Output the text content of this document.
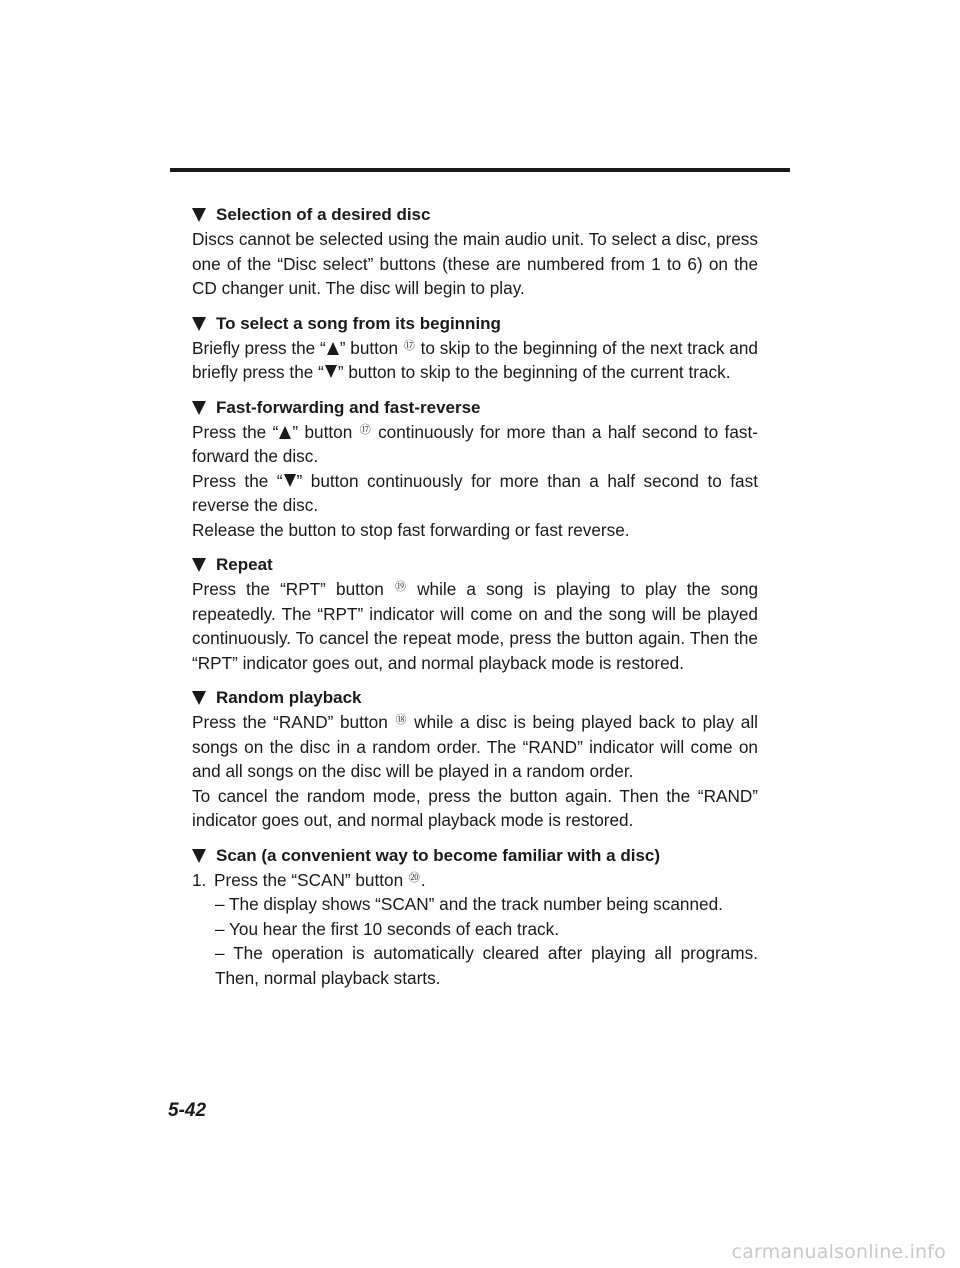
Selection of a desired disc

Discs cannot be selected using the main audio unit. To select a disc, press one of the “Disc select” buttons (these are numbered from 1 to 6) on the CD changer unit. The disc will begin to play.

To select a song from its beginning

Briefly press the “ ” button ⑰ to skip to the beginning of the next track and briefly press the “ ” button to skip to the beginning of the current track.

Fast-forwarding and fast-reverse

Press the “ ” button ⑰ continuously for more than a half second to fast-forward the disc.

Press the “ ” button continuously for more than a half second to fast reverse the disc.

Release the button to stop fast forwarding or fast reverse.

Repeat

Press the “RPT” button ⑲ while a song is playing to play the song repeatedly. The “RPT” indicator will come on and the song will be played continuously. To cancel the repeat mode, press the button again. Then the “RPT” indicator goes out, and normal playback mode is restored.

Random playback

Press the “RAND” button ⑱ while a disc is being played back to play all songs on the disc in a random order. The “RAND” indicator will come on and all songs on the disc will be played in a random order.

To cancel the random mode, press the button again. Then the “RAND” indicator goes out, and normal playback mode is restored.

Scan (a convenient way to become familiar with a disc)
1. Press the “SCAN” button ⑳.
– The display shows “SCAN” and the track number being scanned.
– You hear the first 10 seconds of each track.
– The operation is automatically cleared after playing all programs. Then, normal playback starts.
5-42
carmanualsonline.info
